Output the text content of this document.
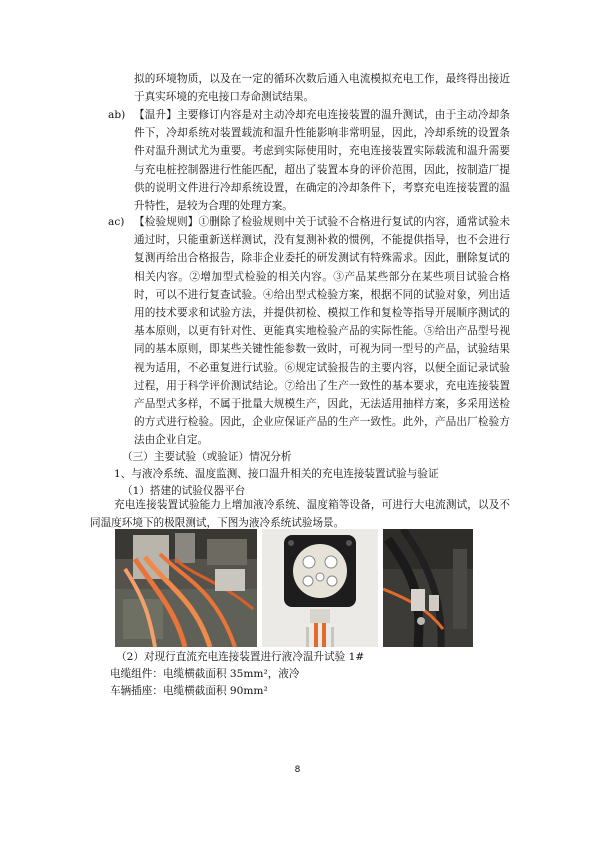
拟的环境物质，以及在一定的循环次数后通入电流模拟充电工作，最终得出接近于真实环境的充电接口寿命测试结果。
ab) 【温升】主要修订内容是对主动冷却充电连接装置的温升测试，由于主动冷却条件下，冷却系统对装置载流和温升性能影响非常明显，因此，冷却系统的设置条件对温升测试尤为重要。考虑到实际使用时，充电连接装置实际载流和温升需要与充电桩控制器进行性能匹配，超出了装置本身的评价范围，因此，按制造厂提供的说明文件进行冷却系统设置，在确定的冷却条件下，考察充电连接装置的温升特性，是较为合理的处理方案。
ac) 【检验规则】①删除了检验规则中关于试验不合格进行复试的内容，通常试验未通过时，只能重新送样测试，没有复测补救的惯例，不能提供指导，也不会进行复测再给出合格报告，除非企业委托的研发测试有特殊需求。因此，删除复试的相关内容。②增加型式检验的相关内容。③产品某些部分在某些项目试验合格时，可以不进行复查试验。④给出型式检验方案，根据不同的试验对象，列出适用的技术要求和试验方法，并提供初检、模拟工作和复检等指导开展顺序测试的基本原则，以更有针对性、更能真实地检验产品的实际性能。⑤给出产品型号视同的基本原则，即某些关键性能参数一致时，可视为同一型号的产品，试验结果视为适用，不必重复进行试验。⑥规定试验报告的主要内容，以便全面记录试验过程，用于科学评价测试结论。⑦给出了生产一致性的基本要求，充电连接装置产品型式多样，不属于批量大规模生产，因此，无法适用抽样方案，多采用送检的方式进行检验。因此，企业应保证产品的生产一致性。此外，产品出厂检验方法由企业自定。
（三）主要试验（或验证）情况分析
1、与液冷系统、温度监测、接口温升相关的充电连接装置试验与验证
（1）搭建的试验仪器平台
充电连接装置试验能力上增加液冷系统、温度箱等设备，可进行大电流测试，以及不同温度环境下的极限测试，下图为液冷系统试验场景。
（2）对现行直流充电连接装置进行液冷温升试验 1#
电缆组件：电缆横截面积 35mm²，液冷
车辆插座：电缆横截面积 90mm²
8
